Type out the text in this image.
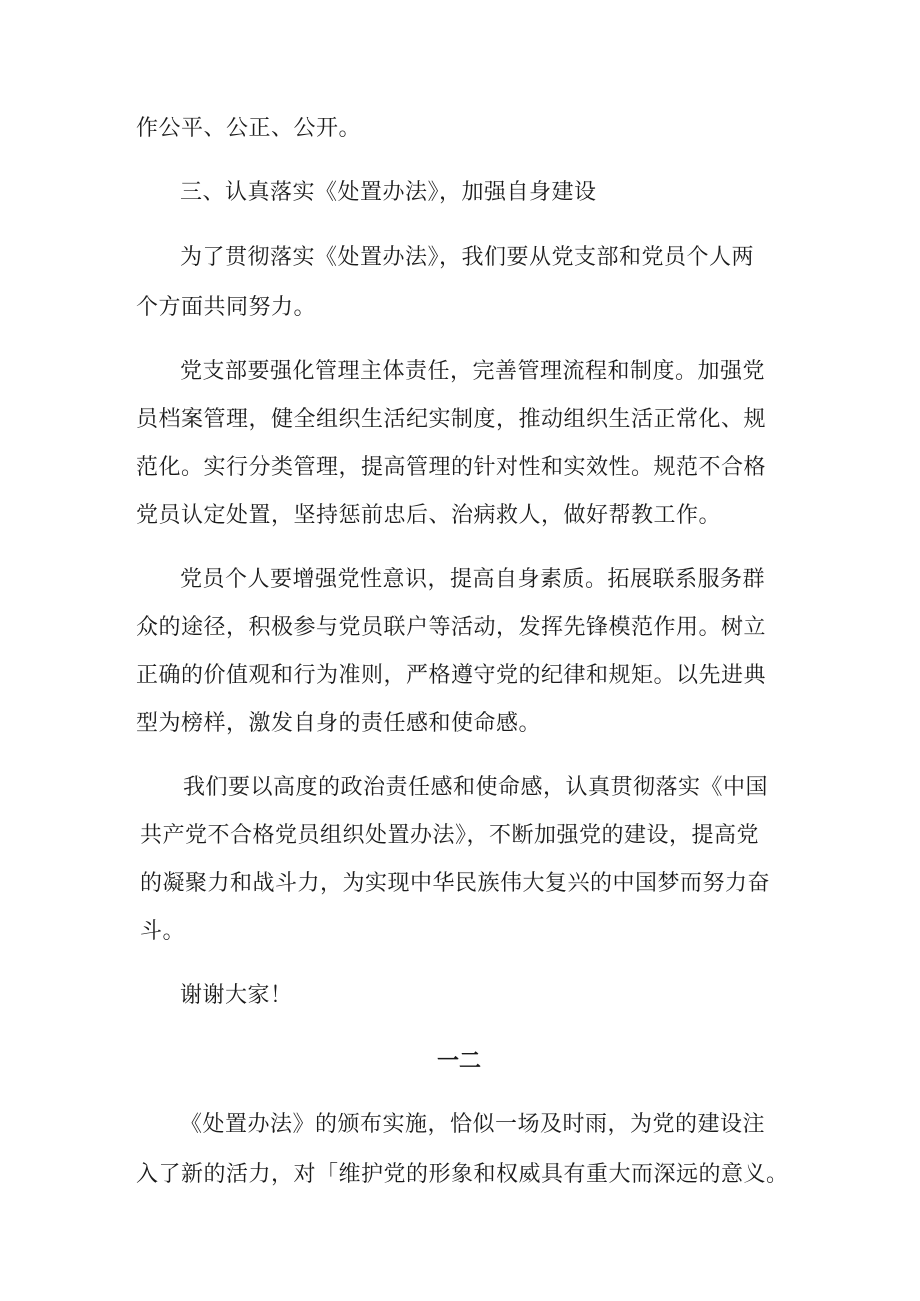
作公平、公正、公开。
三、认真落实《处置办法》，加强自身建设
为了贯彻落实《处置办法》，我们要从党支部和党员个人两
个方面共同努力。
党支部要强化管理主体责任，完善管理流程和制度。加强党
员档案管理，健全组织生活纪实制度，推动组织生活正常化、规
范化。实行分类管理，提高管理的针对性和实效性。规范不合格
党员认定处置，坚持惩前忠后、治病救人，做好帮教工作。
党员个人要增强党性意识，提高自身素质。拓展联系服务群
众的途径，积极参与党员联户等活动，发挥先锋模范作用。树立
正确的价值观和行为准则，严格遵守党的纪律和规矩。以先进典
型为榜样，激发自身的责任感和使命感。
我们要以高度的政治责任感和使命感，认真贯彻落实《中国
共产党不合格党员组织处置办法》，不断加强党的建设，提高党
的凝聚力和战斗力，为实现中华民族伟大复兴的中国梦而努力奋
斗。
谢谢大家！
一二
《处置办法》的颁布实施，恰似一场及时雨，为党的建设注
入了新的活力，对「维护党的形象和权威具有重大而深远的意义。
